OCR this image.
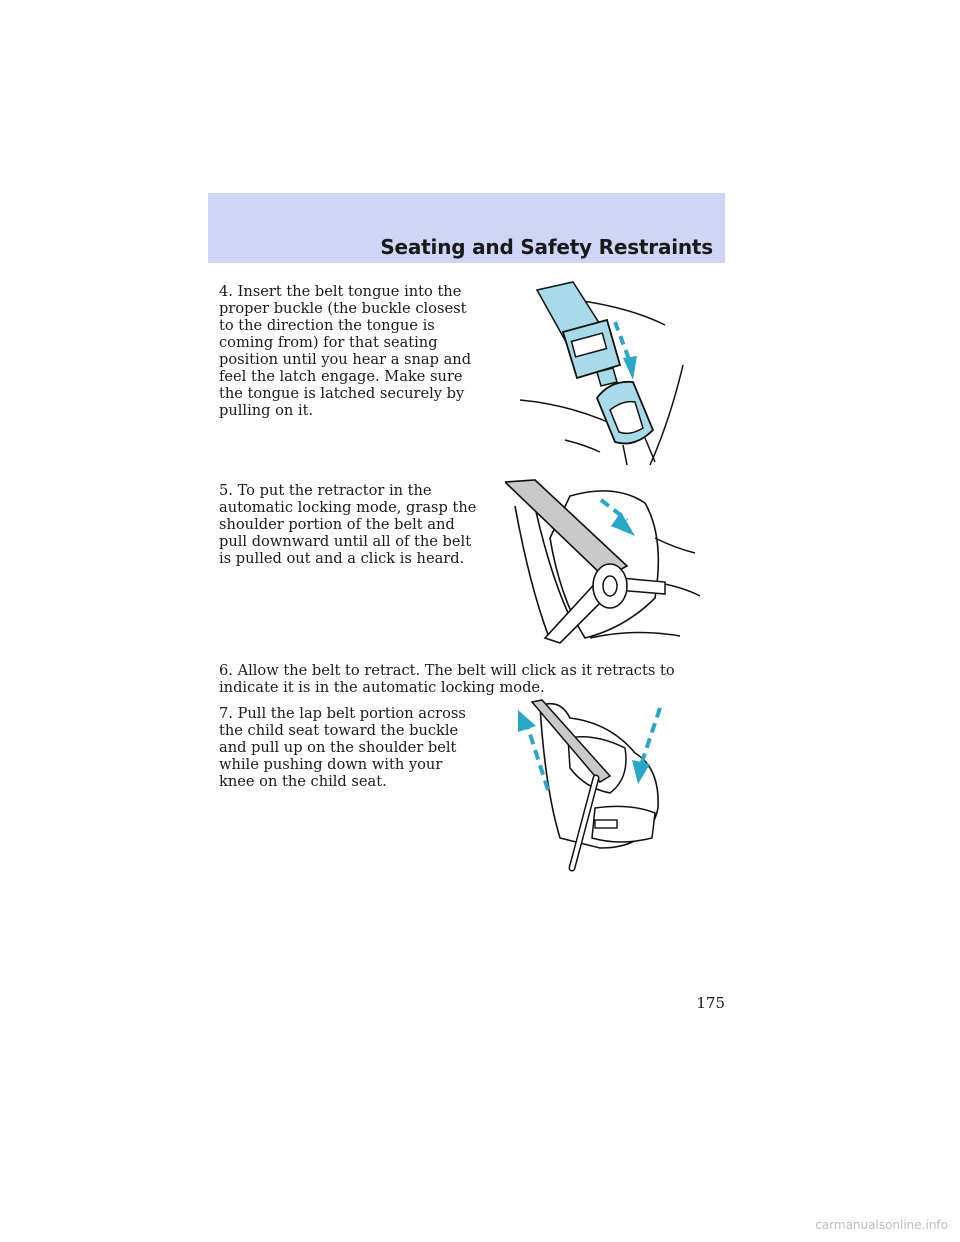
Seating and Safety Restraints

4. Insert the belt tongue into the proper buckle (the buckle closest to the direction the tongue is coming from) for that seating position until you hear a snap and feel the latch engage. Make sure the tongue is latched securely by pulling on it.

5. To put the retractor in the automatic locking mode, grasp the shoulder portion of the belt and pull downward until all of the belt is pulled out and a click is heard.

6. Allow the belt to retract. The belt will click as it retracts to indicate it is in the automatic locking mode.

7. Pull the lap belt portion across the child seat toward the buckle and pull up on the shoulder belt while pushing down with your knee on the child seat.

175
carmanualsonline.info
